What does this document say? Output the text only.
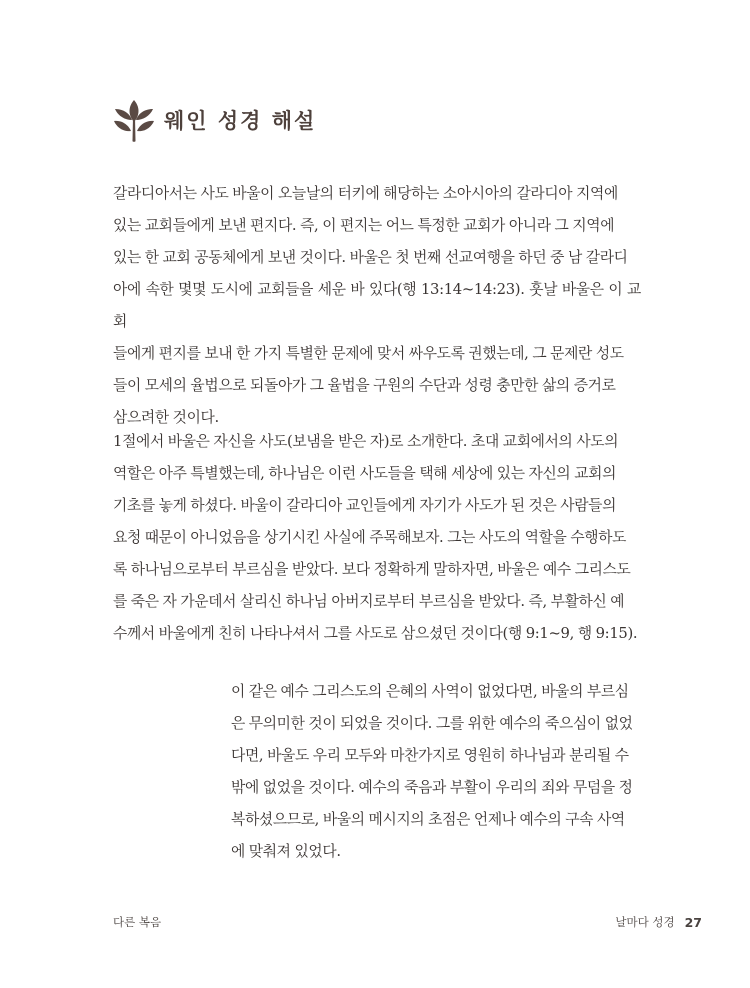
웨인 성경 해설

갈라디아서는 사도 바울이 오늘날의 터키에 해당하는 소아시아의 갈라디아 지역에
있는 교회들에게 보낸 편지다. 즉, 이 편지는 어느 특정한 교회가 아니라 그 지역에
있는 한 교회 공동체에게 보낸 것이다. 바울은 첫 번째 선교여행을 하던 중 남 갈라디
아에 속한 몇몇 도시에 교회들을 세운 바 있다(행 13:14~14:23). 훗날 바울은 이 교회
들에게 편지를 보내 한 가지 특별한 문제에 맞서 싸우도록 권했는데, 그 문제란 성도
들이 모세의 율법으로 되돌아가 그 율법을 구원의 수단과 성령 충만한 삶의 증거로
삼으려한 것이다.

1절에서 바울은 자신을 사도(보냄을 받은 자)로 소개한다. 초대 교회에서의 사도의
역할은 아주 특별했는데, 하나님은 이런 사도들을 택해 세상에 있는 자신의 교회의
기초를 놓게 하셨다. 바울이 갈라디아 교인들에게 자기가 사도가 된 것은 사람들의
요청 때문이 아니었음을 상기시킨 사실에 주목해보자. 그는 사도의 역할을 수행하도
록 하나님으로부터 부르심을 받았다. 보다 정확하게 말하자면, 바울은 예수 그리스도
를 죽은 자 가운데서 살리신 하나님 아버지로부터 부르심을 받았다. 즉, 부활하신 예
수께서 바울에게 친히 나타나셔서 그를 사도로 삼으셨던 것이다(행 9:1~9, 행 9:15).

이 같은 예수 그리스도의 은혜의 사역이 없었다면, 바울의 부르심
은 무의미한 것이 되었을 것이다. 그를 위한 예수의 죽으심이 없었
다면, 바울도 우리 모두와 마찬가지로 영원히 하나님과 분리될 수
밖에 없었을 것이다. 예수의 죽음과 부활이 우리의 죄와 무덤을 정
복하셨으므로, 바울의 메시지의 초점은 언제나 예수의 구속 사역
에 맞춰져 있었다.

다른 복음	날마다 성경 27
